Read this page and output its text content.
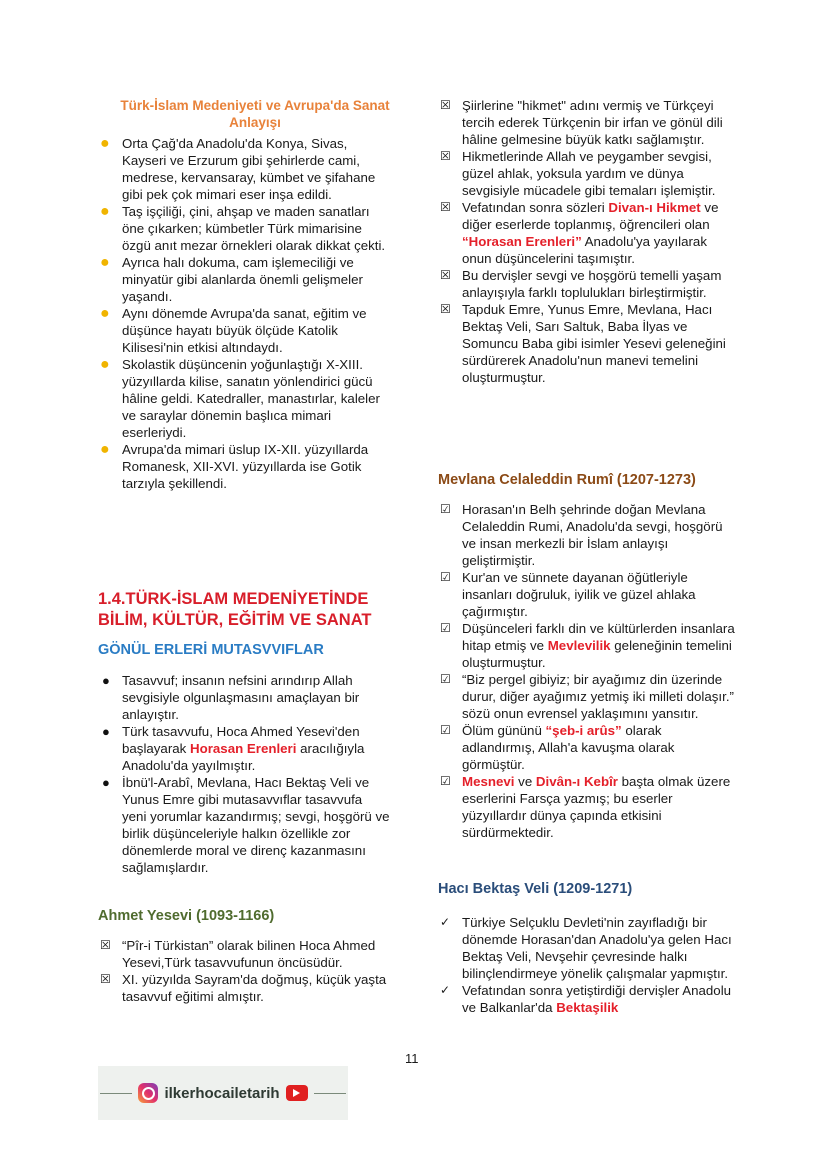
Türk-İslam Medeniyeti ve Avrupa'da Sanat Anlayışı
● Orta Çağ'da Anadolu'da Konya, Sivas, Kayseri ve Erzurum gibi şehirlerde cami, medrese, kervansaray, kümbet ve şifahane gibi pek çok mimari eser inşa edildi.
● Taş işçiliği, çini, ahşap ve maden sanatları öne çıkarken; kümbetler Türk mimarisine özgü anıt mezar örnekleri olarak dikkat çekti.
● Ayrıca halı dokuma, cam işlemeciliği ve minyatür gibi alanlarda önemli gelişmeler yaşandı.
● Aynı dönemde Avrupa'da sanat, eğitim ve düşünce hayatı büyük ölçüde Katolik Kilisesi'nin etkisi altındaydı.
● Skolastik düşüncenin yoğunlaştığı X-XIII. yüzyıllarda kilise, sanatın yönlendirici gücü hâline geldi. Katedraller, manastırlar, kaleler ve saraylar dönemin başlıca mimari eserleriydi.
● Avrupa'da mimari üslup IX-XII. yüzyıllarda Romanesk, XII-XVI. yüzyıllarda ise Gotik tarzıyla şekillendi.
1.4.TÜRK-İSLAM MEDENİYETİNDE BİLİM, KÜLTÜR, EĞİTİM VE SANAT
GÖNÜL ERLERİ MUTASVVIFLAR
● Tasavvuf; insanın nefsini arındırıp Allah sevgisiyle olgunlaşmasını amaçlayan bir anlayıştır.
● Türk tasavvufu, Hoca Ahmed Yesevi'den başlayarak Horasan Erenleri aracılığıyla Anadolu'da yayılmıştır.
● İbnü'l-Arabî, Mevlana, Hacı Bektaş Veli ve Yunus Emre gibi mutasavvıflar tasavvufa yeni yorumlar kazandırmış; sevgi, hoşgörü ve birlik düşünceleriyle halkın özellikle zor dönemlerde moral ve direnç kazanmasını sağlamışlardır.
Ahmet Yesevi (1093-1166)
☒ “Pîr-i Türkistan” olarak bilinen Hoca Ahmed Yesevi,Türk tasavvufunun öncüsüdür.
☒ XI. yüzyılda Sayram'da doğmuş, küçük yaşta tasavvuf eğitimi almıştır.
☒ Şiirlerine "hikmet" adını vermiş ve Türkçeyi tercih ederek Türkçenin bir irfan ve gönül dili hâline gelmesine büyük katkı sağlamıştır.
☒ Hikmetlerinde Allah ve peygamber sevgisi, güzel ahlak, yoksula yardım ve dünya sevgisiyle mücadele gibi temaları işlemiştir.
☒ Vefatından sonra sözleri Divan-ı Hikmet ve diğer eserlerde toplanmış, öğrencileri olan “Horasan Erenleri” Anadolu'ya yayılarak onun düşüncelerini taşımıştır.
☒ Bu dervişler sevgi ve hoşgörü temelli yaşam anlayışıyla farklı toplulukları birleştirmiştir.
☒ Tapduk Emre, Yunus Emre, Mevlana, Hacı Bektaş Veli, Sarı Saltuk, Baba İlyas ve Somuncu Baba gibi isimler Yesevi geleneğini sürdürerek Anadolu'nun manevi temelini oluşturmuştur.
Mevlana Celaleddin Rumî (1207-1273)
☑ Horasan'ın Belh şehrinde doğan Mevlana Celaleddin Rumi, Anadolu'da sevgi, hoşgörü ve insan merkezli bir İslam anlayışı geliştirmiştir.
☑ Kur'an ve sünnete dayanan öğütleriyle insanları doğruluk, iyilik ve güzel ahlaka çağırmıştır.
☑ Düşünceleri farklı din ve kültürlerden insanlara hitap etmiş ve Mevlevilik geleneğinin temelini oluşturmuştur.
☑ “Biz pergel gibiyiz; bir ayağımız din üzerinde durur, diğer ayağımız yetmiş iki milleti dolaşır.” sözü onun evrensel yaklaşımını yansıtır.
☑ Ölüm gününü “şeb-i arûs” olarak adlandırmış, Allah'a kavuşma olarak görmüştür.
☑ Mesnevi ve Divân-ı Kebîr başta olmak üzere eserlerini Farsça yazmış; bu eserler yüzyıllardır dünya çapında etkisini sürdürmektedir.
Hacı Bektaş Veli (1209-1271)
✓ Türkiye Selçuklu Devleti'nin zayıfladığı bir dönemde Horasan'dan Anadolu'ya gelen Hacı Bektaş Veli, Nevşehir çevresinde halkı bilinçlendirmeye yönelik çalışmalar yapmıştır.
✓ Vefatından sonra yetiştirdiği dervişler Anadolu ve Balkanlar'da Bektaşilik
11
ilkerhocailetarih
